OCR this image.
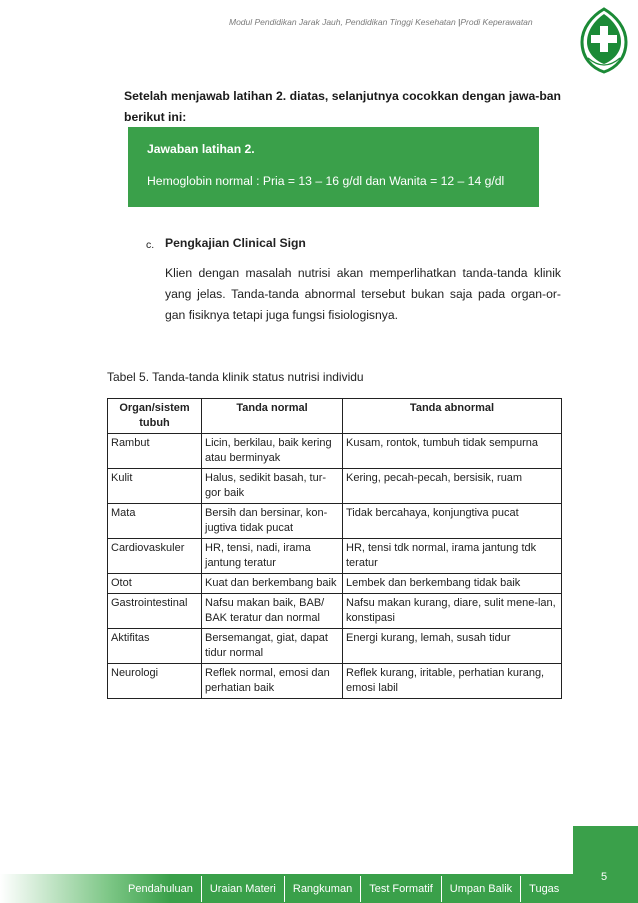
Modul Pendidikan Jarak Jauh, Pendidikan Tinggi Kesehatan |Prodi Keperawatan
Setelah menjawab latihan 2. diatas, selanjutnya cocokkan dengan jawa-ban berikut ini:
Jawaban latihan 2.
Hemoglobin normal : Pria = 13 – 16 g/dl dan Wanita = 12 – 14 g/dl
c. Pengkajian Clinical Sign
Klien dengan masalah nutrisi akan memperlihatkan tanda-tanda klinik yang jelas. Tanda-tanda abnormal tersebut bukan saja pada organ-or-gan fisiknya tetapi juga fungsi fisiologisnya.
Tabel 5. Tanda-tanda klinik status nutrisi individu
Organ/sistem tubuh	Tanda normal	Tanda abnormal
Rambut	Licin, berkilau, baik kering atau berminyak	Kusam, rontok, tumbuh tidak sempurna
Kulit	Halus, sedikit basah, tur-gor baik	Kering, pecah-pecah, bersisik, ruam
Mata	Bersih dan bersinar, kon-jugtiva tidak pucat	Tidak bercahaya, konjungtiva pucat
Cardiovaskuler	HR, tensi, nadi, irama jantung teratur	HR, tensi tdk normal, irama jantung tdk teratur
Otot	Kuat dan berkembang baik	Lembek dan berkembang tidak baik
Gastrointestinal	Nafsu makan baik, BAB/ BAK teratur dan normal	Nafsu makan kurang, diare, sulit mene-lan, konstipasi
Aktifitas	Bersemangat, giat, dapat tidur normal	Energi kurang, lemah, susah tidur
Neurologi	Reflek normal, emosi dan perhatian baik	Reflek kurang, iritable, perhatian kurang, emosi labil
5
Pendahuluan	Uraian Materi	Rangkuman	Test Formatif	Umpan Balik	Tugas
